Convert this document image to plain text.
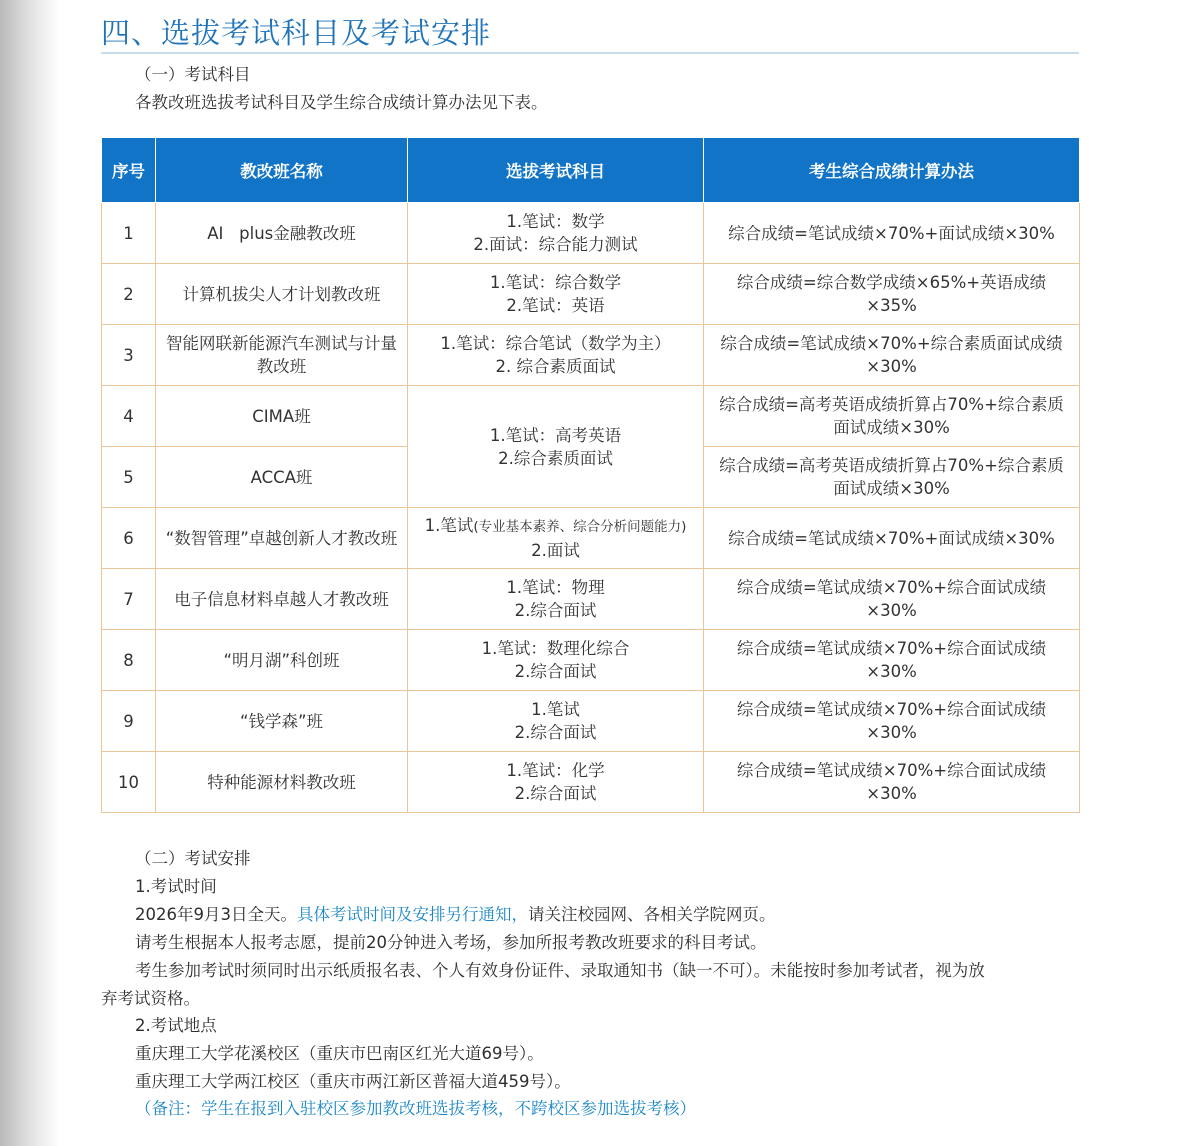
四、选拔考试科目及考试安排
（一）考试科目
各教改班选拔考试科目及学生综合成绩计算办法见下表。
序号	教改班名称	选拔考试科目	考生综合成绩计算办法
1	AI   plus金融教改班	1.笔试：数学
2.面试：综合能力测试	综合成绩=笔试成绩×70%+面试成绩×30%

2	计算机拔尖人才计划教改班	1.笔试：综合数学
2.笔试：英语	综合成绩=综合数学成绩×65%+英语成绩
×35%

3	智能网联新能源汽车测试与计量教改班	1.笔试：综合笔试（数学为主）
2. 综合素质面试	综合成绩=笔试成绩×70%+综合素质面试成绩
×30%

4	CIMA班	1.笔试：高考英语
2.综合素质面试	综合成绩=高考英语成绩折算占70%+综合素质
面试成绩×30%

5	ACCA班		综合成绩=高考英语成绩折算占70%+综合素质
面试成绩×30%

6	“数智管理”卓越创新人才教改班	1.笔试(专业基本素养、综合分析问题能力)
2.面试	综合成绩=笔试成绩×70%+面试成绩×30%

7	电子信息材料卓越人才教改班	1.笔试：物理
2.综合面试	综合成绩=笔试成绩×70%+综合面试成绩
×30%

8	“明月湖”科创班	1.笔试：数理化综合
2.综合面试	综合成绩=笔试成绩×70%+综合面试成绩
×30%

9	“钱学森”班	1.笔试
2.综合面试	综合成绩=笔试成绩×70%+综合面试成绩
×30%

10	特种能源材料教改班	1.笔试：化学
2.综合面试	综合成绩=笔试成绩×70%+综合面试成绩
×30%
（二）考试安排
1.考试时间
2026年9月3日全天。具体考试时间及安排另行通知，请关注校园网、各相关学院网页。
请考生根据本人报考志愿，提前20分钟进入考场，参加所报考教改班要求的科目考试。
考生参加考试时须同时出示纸质报名表、个人有效身份证件、录取通知书（缺一不可）。未能按时参加考试者，视为放
弃考试资格。
2.考试地点
重庆理工大学花溪校区（重庆市巴南区红光大道69号）。
重庆理工大学两江校区（重庆市两江新区普福大道459号）。
（备注：学生在报到入驻校区参加教改班选拔考核，不跨校区参加选拔考核）
